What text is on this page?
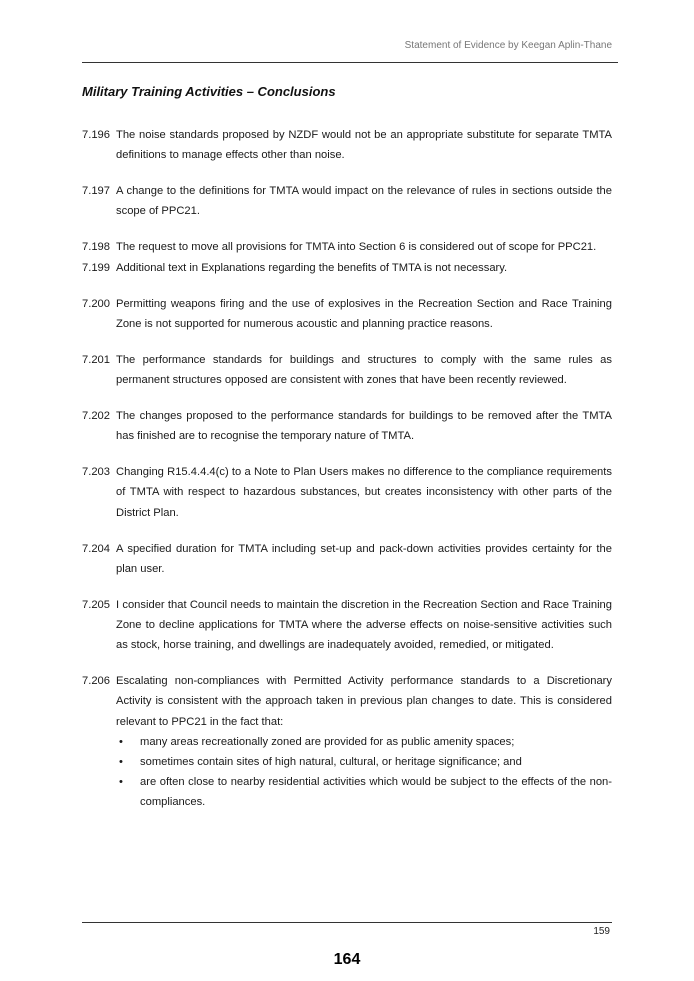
Statement of Evidence by Keegan Aplin-Thane
Military Training Activities – Conclusions
7.196 The noise standards proposed by NZDF would not be an appropriate substitute for separate TMTA definitions to manage effects other than noise.
7.197 A change to the definitions for TMTA would impact on the relevance of rules in sections outside the scope of PPC21.
7.198 The request to move all provisions for TMTA into Section 6 is considered out of scope for PPC21.
7.199 Additional text in Explanations regarding the benefits of TMTA is not necessary.
7.200 Permitting weapons firing and the use of explosives in the Recreation Section and Race Training Zone is not supported for numerous acoustic and planning practice reasons.
7.201 The performance standards for buildings and structures to comply with the same rules as permanent structures opposed are consistent with zones that have been recently reviewed.
7.202 The changes proposed to the performance standards for buildings to be removed after the TMTA has finished are to recognise the temporary nature of TMTA.
7.203 Changing R15.4.4.4(c) to a Note to Plan Users makes no difference to the compliance requirements of TMTA with respect to hazardous substances, but creates inconsistency with other parts of the District Plan.
7.204 A specified duration for TMTA including set-up and pack-down activities provides certainty for the plan user.
7.205 I consider that Council needs to maintain the discretion in the Recreation Section and Race Training Zone to decline applications for TMTA where the adverse effects on noise-sensitive activities such as stock, horse training, and dwellings are inadequately avoided, remedied, or mitigated.
7.206 Escalating non-compliances with Permitted Activity performance standards to a Discretionary Activity is consistent with the approach taken in previous plan changes to date. This is considered relevant to PPC21 in the fact that:
•	many areas recreationally zoned are provided for as public amenity spaces;
•	sometimes contain sites of high natural, cultural, or heritage significance; and
•	are often close to nearby residential activities which would be subject to the effects of the non-compliances.
159
164
